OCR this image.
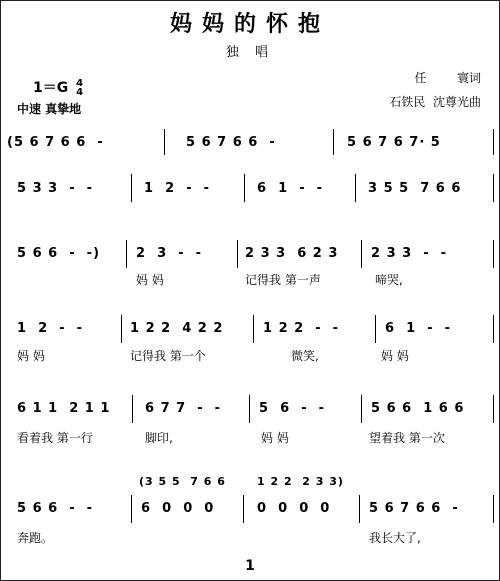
妈妈的怀抱
独 唱
1＝G 4
4
中速 真挚地
任        寰词
石铁民  沈尊光曲
(5 6 7 6 6  -	5 6 7 6 6  -	5 6 7 6 7· 5
5 3 3  -  -	1  2  -  -	6  1  -  -	3 5 5  7 6 6
5 6 6  -  -)	2  3  -  -	2 3 3  6 2 3	2 3 3  -  -
妈 妈	记得我 第一声	啼哭,
1  2  -  -	1 2 2  4 2 2	1 2 2  -  -	6  1  -  -
妈 妈	记得我 第一个	微笑,	妈 妈
6 1 1  2 1 1	6 7 7  -  -	5  6  -  -	5 6 6  1 6 6
看着我 第一行	脚印,	妈 妈	望着我 第一次
(3 5 5  7 6 6	1 2 2  2 3 3)
5 6 6  -  -	6  0  0  0	0  0  0  0	5 6 7 6 6  -
奔跑。	我长大了,
1
